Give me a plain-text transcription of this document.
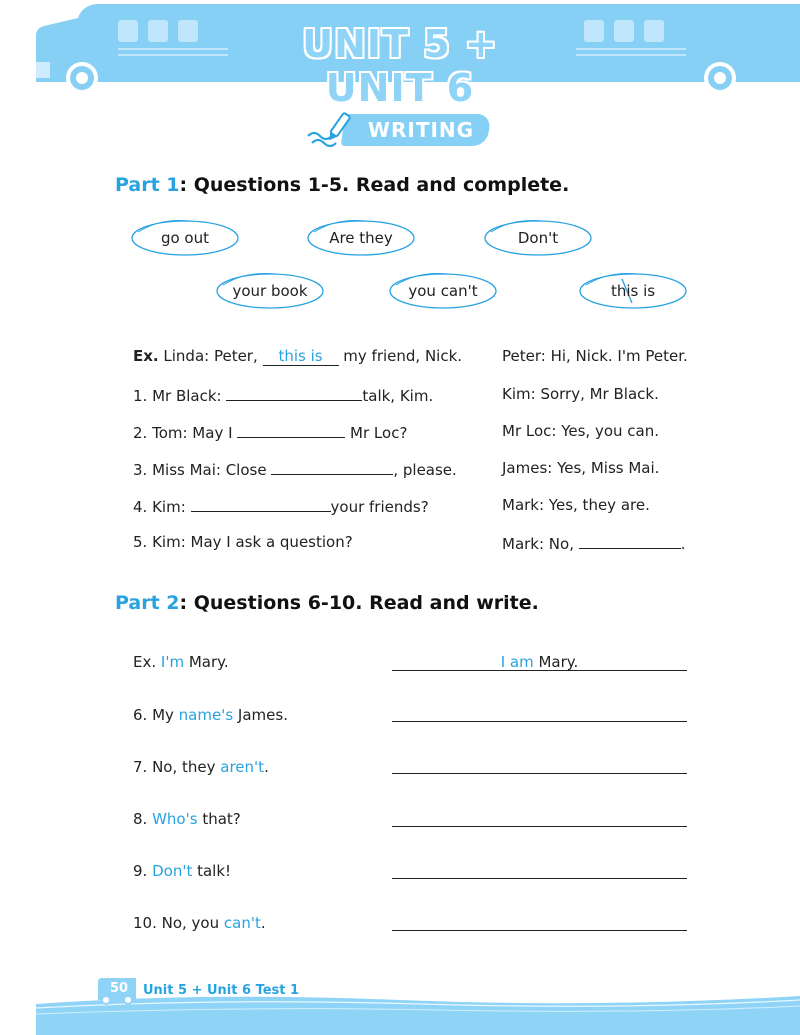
UNIT 5 + UNIT 6
WRITING
Part 1: Questions 1-5. Read and complete.
go out	Are they	Don't
your book	you can't	this is
Ex. Linda: Peter, this is my friend, Nick.	Peter: Hi, Nick. I'm Peter.
1. Mr Black:	talk, Kim.	Kim: Sorry, Mr Black.
2. Tom: May I	Mr Loc?	Mr Loc: Yes, you can.
3. Miss Mai: Close	, please.	James: Yes, Miss Mai.
4. Kim:	your friends?	Mark: Yes, they are.
5. Kim: May I ask a question?	Mark: No,	.
Part 2: Questions 6-10. Read and write.
Ex. I'm Mary.	I am Mary.
6. My name's James.
7. No, they aren't.
8. Who's that?
9. Don't talk!
10. No, you can't.
50	Unit 5 + Unit 6 Test 1
